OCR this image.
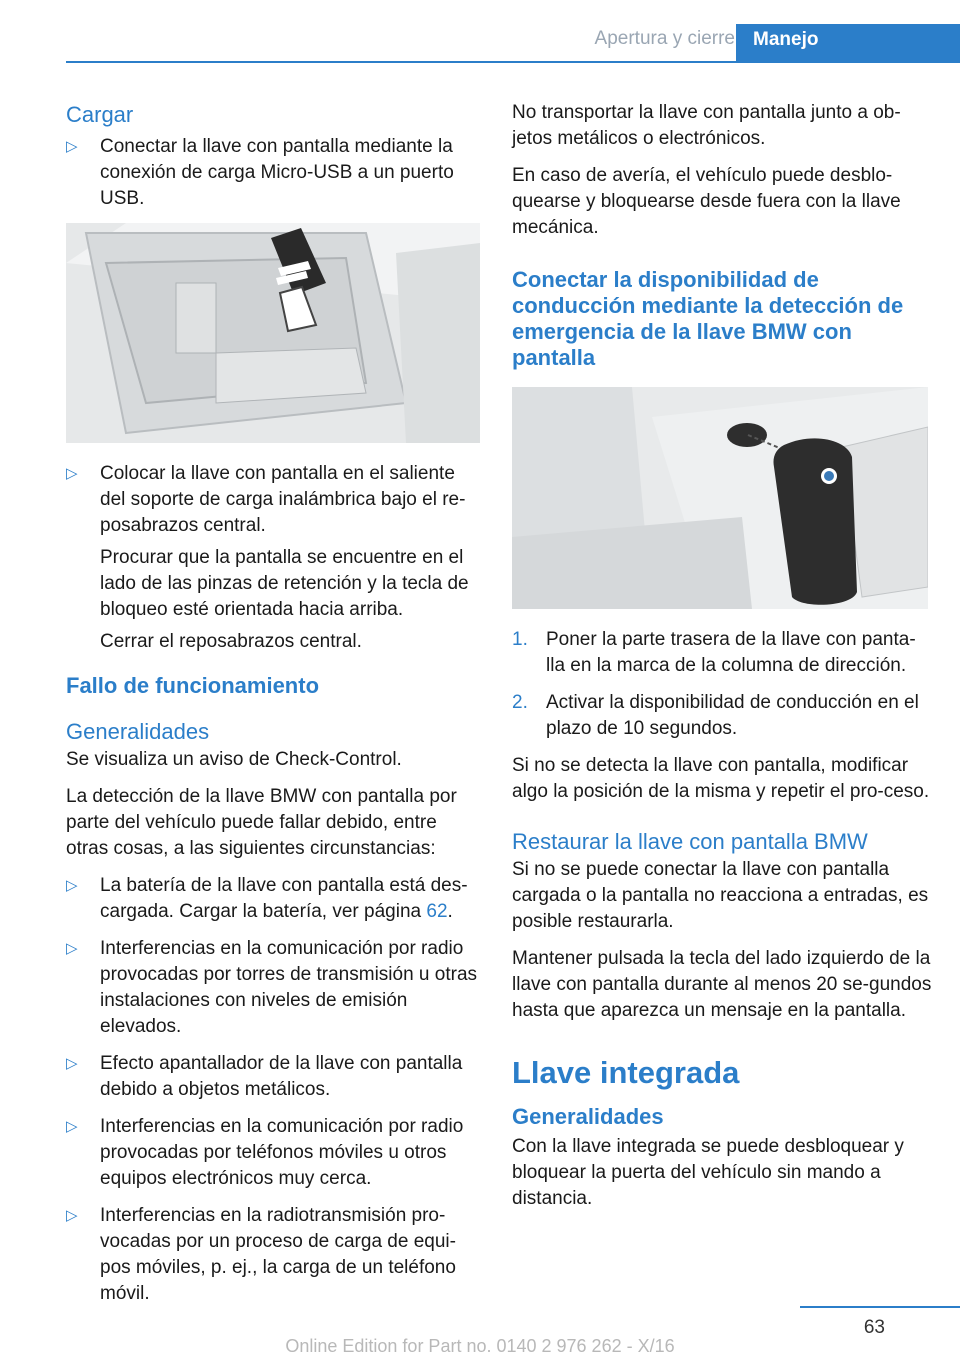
Apertura y cierre Manejo
Cargar
▷ Conectar la llave con pantalla mediante la conexión de carga Micro-USB a un puerto USB.
▷ Colocar la llave con pantalla en el saliente del soporte de carga inalámbrica bajo el re-posabrazos central.
Procurar que la pantalla se encuentre en el lado de las pinzas de retención y la tecla de bloqueo esté orientada hacia arriba.
Cerrar el reposabrazos central.
Fallo de funcionamiento
Generalidades

Se visualiza un aviso de Check-Control.

La detección de la llave BMW con pantalla por parte del vehículo puede fallar debido, entre otras cosas, a las siguientes circunstancias:

▷ La batería de la llave con pantalla está des-cargada. Cargar la batería, ver página 62.
▷ Interferencias en la comunicación por radio provocadas por torres de transmisión u otras instalaciones con niveles de emisión elevados.
▷ Efecto apantallador de la llave con pantalla debido a objetos metálicos.
▷ Interferencias en la comunicación por radio provocadas por teléfonos móviles u otros equipos electrónicos muy cerca.
▷ Interferencias en la radiotransmisión pro-vocadas por un proceso de carga de equi-pos móviles, p. ej., la carga de un teléfono móvil.

No transportar la llave con pantalla junto a ob-jetos metálicos o electrónicos.

En caso de avería, el vehículo puede desblo-quearse y bloquearse desde fuera con la llave mecánica.

Conectar la disponibilidad de conducción mediante la detección de emergencia de la llave BMW con pantalla
1. Poner la parte trasera de la llave con panta-lla en la marca de la columna de dirección.
2. Activar la disponibilidad de conducción en el plazo de 10 segundos.

Si no se detecta la llave con pantalla, modificar algo la posición de la misma y repetir el pro-ceso.

Restaurar la llave con pantalla BMW

Si no se puede conectar la llave con pantalla cargada o la pantalla no reacciona a entradas, es posible restaurarla.

Mantener pulsada la tecla del lado izquierdo de la llave con pantalla durante al menos 20 se-gundos hasta que aparezca un mensaje en la pantalla.

Llave integrada
Generalidades

Con la llave integrada se puede desbloquear y bloquear la puerta del vehículo sin mando a distancia.

63
Online Edition for Part no. 0140 2 976 262 - X/16
